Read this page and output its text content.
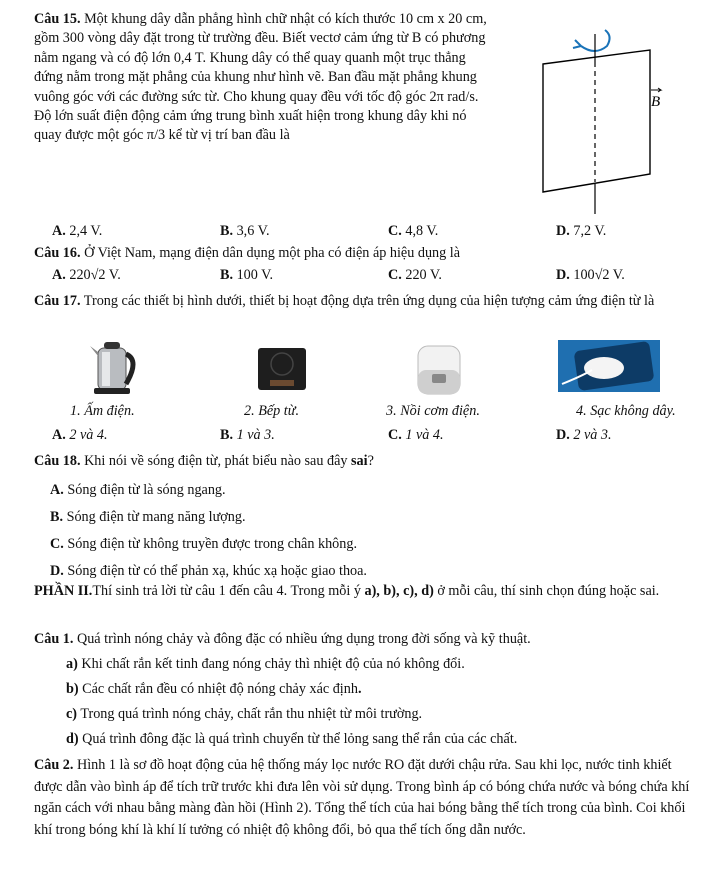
Câu 15. Một khung dây dẫn phẳng hình chữ nhật có kích thước 10 cm x 20 cm, gồm 300 vòng dây đặt trong từ trường đều. Biết vectơ cảm ứng từ B có phương nằm ngang và có độ lớn 0,4 T. Khung dây có thể quay quanh một trục thẳng đứng nằm trong mặt phẳng của khung như hình vẽ. Ban đầu mặt phẳng khung vuông góc với các đường sức từ. Cho khung quay đều với tốc độ góc 2π rad/s. Độ lớn suất điện động cảm ứng trung bình xuất hiện trong khung dây khi nó quay được một góc π/3 kể từ vị trí ban đầu là
B
A. 2,4 V.	B. 3,6 V.	C. 4,8 V.	D. 7,2 V.
Câu 16. Ở Việt Nam, mạng điện dân dụng một pha có điện áp hiệu dụng là
A. 220√2 V.	B. 100 V.	C. 220 V.	D. 100√2 V.
Câu 17. Trong các thiết bị hình dưới, thiết bị hoạt động dựa trên ứng dụng của hiện tượng cảm ứng điện từ là
1. Ấm điện.	2. Bếp từ.	3. Nồi cơm điện.	4. Sạc không dây.
A. 2 và 4.	B. 1 và 3.	C. 1 và 4.	D. 2 và 3.
Câu 18. Khi nói về sóng điện từ, phát biểu nào sau đây sai?
A. Sóng điện từ là sóng ngang.
B. Sóng điện từ mang năng lượng.
C. Sóng điện từ không truyền được trong chân không.
D. Sóng điện từ có thể phản xạ, khúc xạ hoặc giao thoa.
PHẦN II.Thí sinh trả lời từ câu 1 đến câu 4. Trong mỗi ý a), b), c), d) ở mỗi câu, thí sinh chọn đúng hoặc sai.
Câu 1. Quá trình nóng chảy và đông đặc có nhiều ứng dụng trong đời sống và kỹ thuật.
a) Khi chất rắn kết tinh đang nóng chảy thì nhiệt độ của nó không đổi.
b) Các chất rắn đều có nhiệt độ nóng chảy xác định.
c) Trong quá trình nóng chảy, chất rắn thu nhiệt từ môi trường.
d) Quá trình đông đặc là quá trình chuyển từ thể lỏng sang thể rắn của các chất.
Câu 2. Hình 1 là sơ đồ hoạt động của hệ thống máy lọc nước RO đặt dưới chậu rửa. Sau khi lọc, nước tinh khiết được dẫn vào bình áp để tích trữ trước khi đưa lên vòi sử dụng. Trong bình áp có bóng chứa nước và bóng chứa khí ngăn cách với nhau bằng màng đàn hồi (Hình 2). Tổng thể tích của hai bóng bằng thể tích trong của bình. Coi khối khí trong bóng khí là khí lí tưởng có nhiệt độ không đổi, bỏ qua thể tích ống dẫn nước.
